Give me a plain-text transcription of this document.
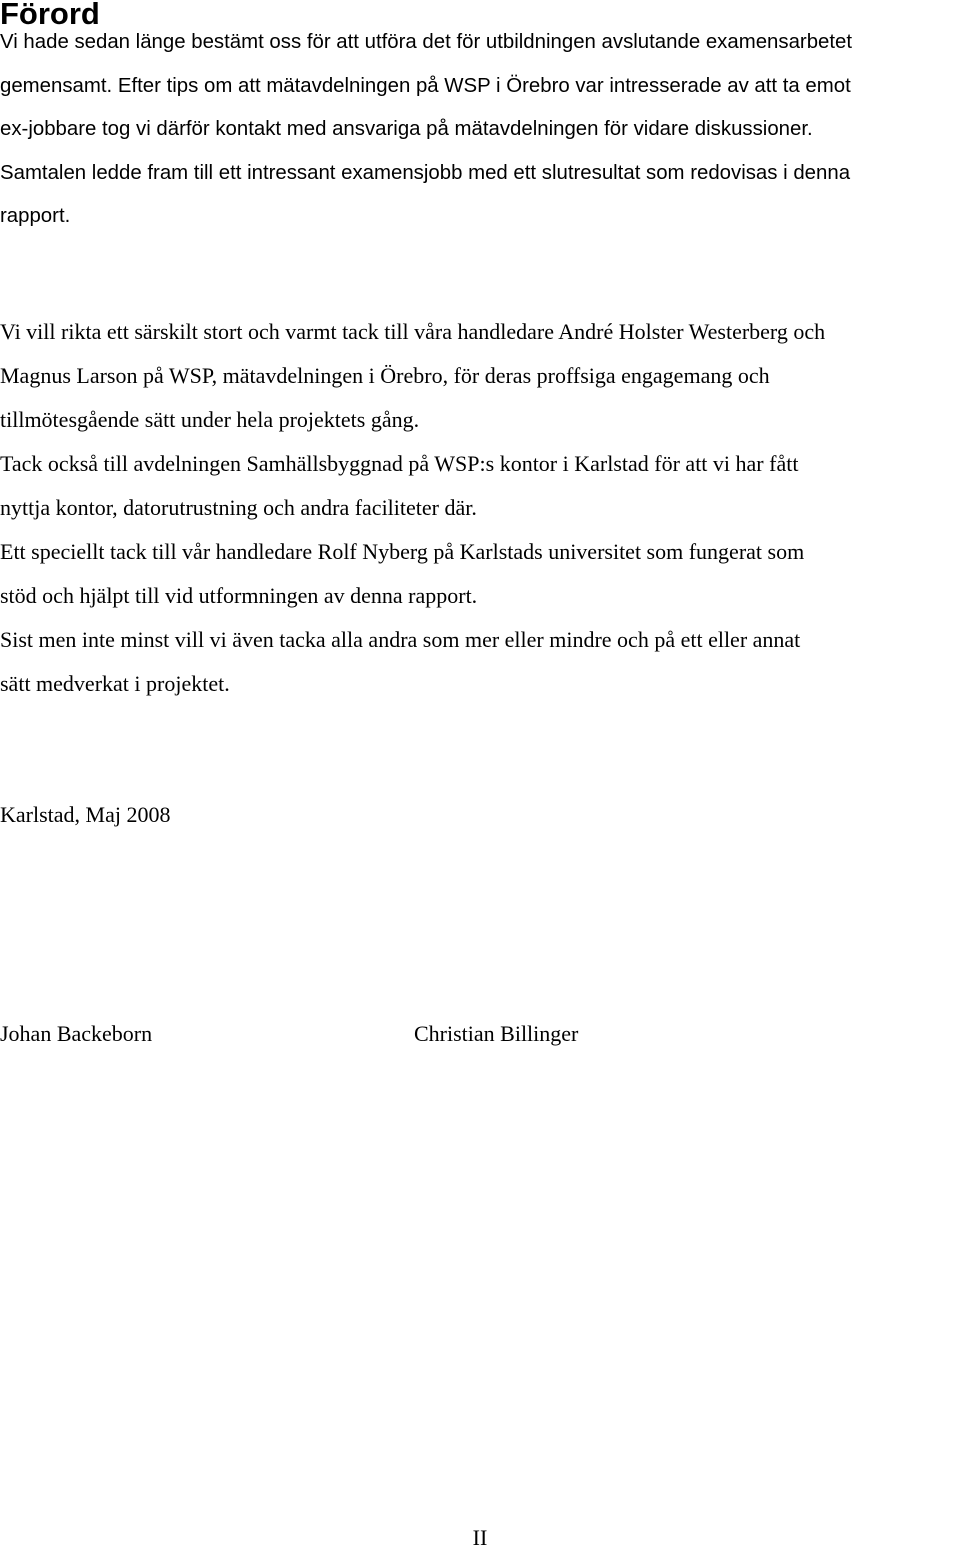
Förord

Vi hade sedan länge bestämt oss för att utföra det för utbildningen avslutande examensarbetet

gemensamt. Efter tips om att mätavdelningen på WSP i Örebro var intresserade av att ta emot

ex-jobbare tog vi därför kontakt med ansvariga på mätavdelningen för vidare diskussioner.

Samtalen ledde fram till ett intressant examensjobb med ett slutresultat som redovisas i denna

rapport.

Vi vill rikta ett särskilt stort och varmt tack till våra handledare André Holster Westerberg och

Magnus Larson på WSP, mätavdelningen i Örebro, för deras proffsiga engagemang och

tillmötesgående sätt under hela projektets gång.

Tack också till avdelningen Samhällsbyggnad på WSP:s kontor i Karlstad för att vi har fått

nyttja kontor, datorutrustning och andra faciliteter där.

Ett speciellt tack till vår handledare Rolf Nyberg på Karlstads universitet som fungerat som

stöd och hjälpt till vid utformningen av denna rapport.

Sist men inte minst vill vi även tacka alla andra som mer eller mindre och på ett eller annat

sätt medverkat i projektet.

Karlstad, Maj 2008

Johan Backeborn	Christian Billinger

II
